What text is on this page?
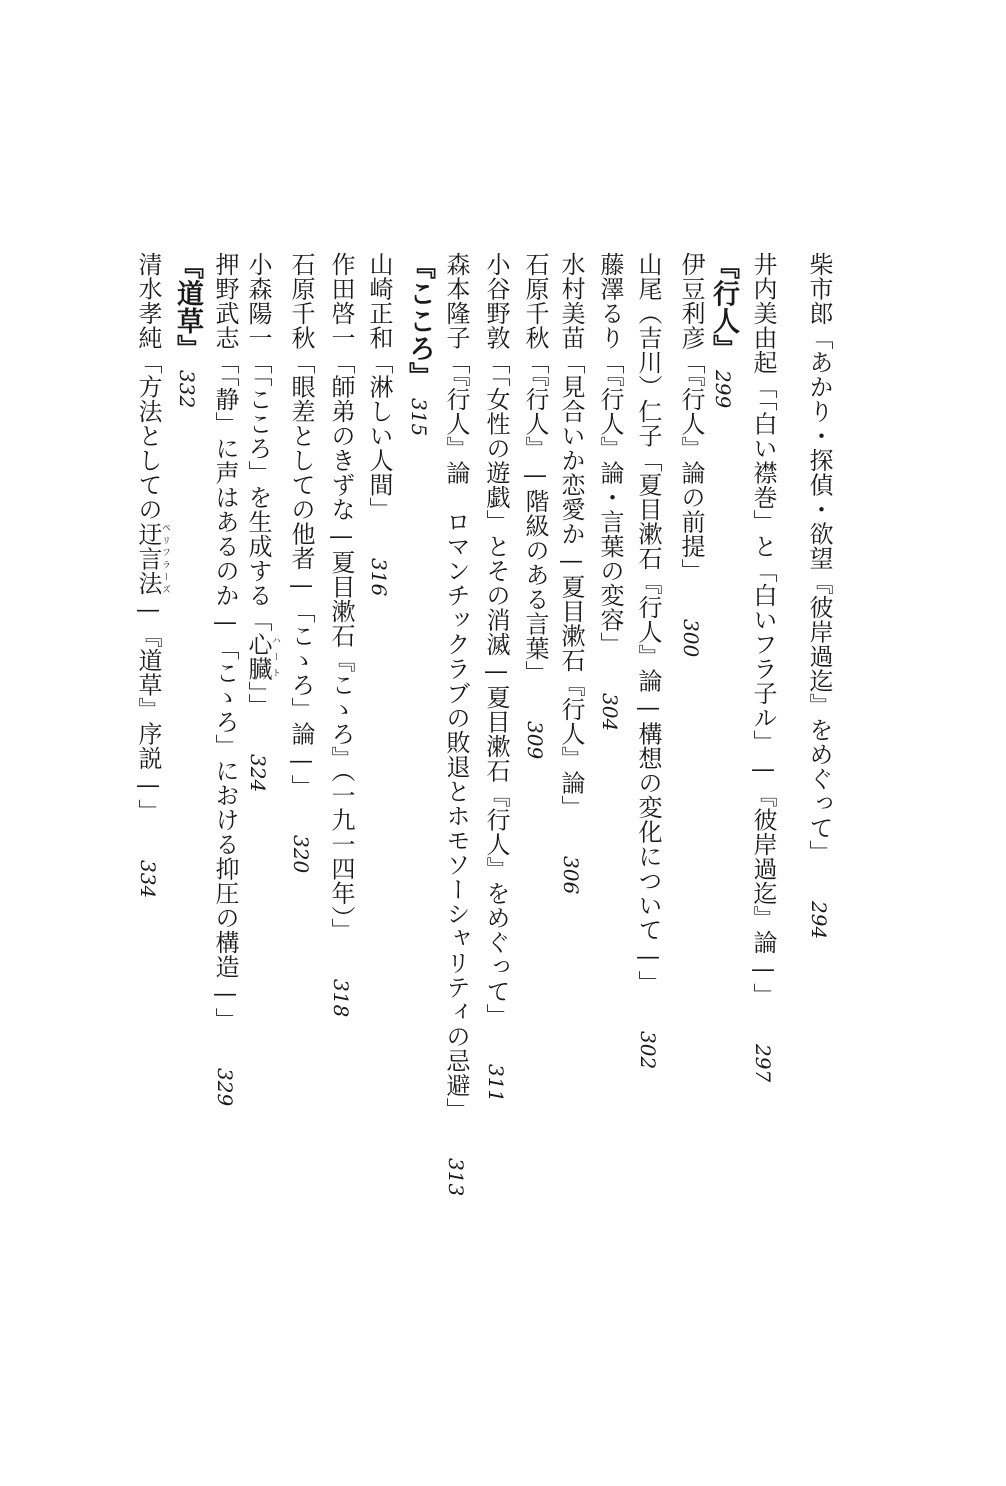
柴市郎「あかり・探偵・欲望『彼岸過迄』をめぐって」294
井内美由起「「白い襟巻」と「白いフラ子ル」—『彼岸過迄』論—」297
『行人』299
伊豆利彦「『行人』論の前提」300
山尾（吉川）仁子「夏目漱石『行人』論—構想の変化について—」302
藤澤るり「『行人』論・言葉の変容」304
水村美苗「見合いか恋愛か—夏目漱石『行人』論」306
石原千秋「『行人』—階級のある言葉」309
小谷野敦「「女性の遊戯」とその消滅—夏目漱石『行人』をめぐって」311
森本隆子「『行人』論　ロマンチックラブの敗退とホモソーシャリティの忌避」313
『こころ』315
山崎正和「淋しい人間」316
作田啓一「師弟のきずな—夏目漱石『こゝろ』（一九一四年）」318
石原千秋「眼差としての他者—「こゝろ」論—」320
小森陽一「「こころ」を生成する「心臓ハート」」324
押野武志「「静」に声はあるのか—「こゝろ」における抑圧の構造—」329
『道草』332
清水孝純「方法としての迂言法ペリフラーズ—『道草』序説—」334
